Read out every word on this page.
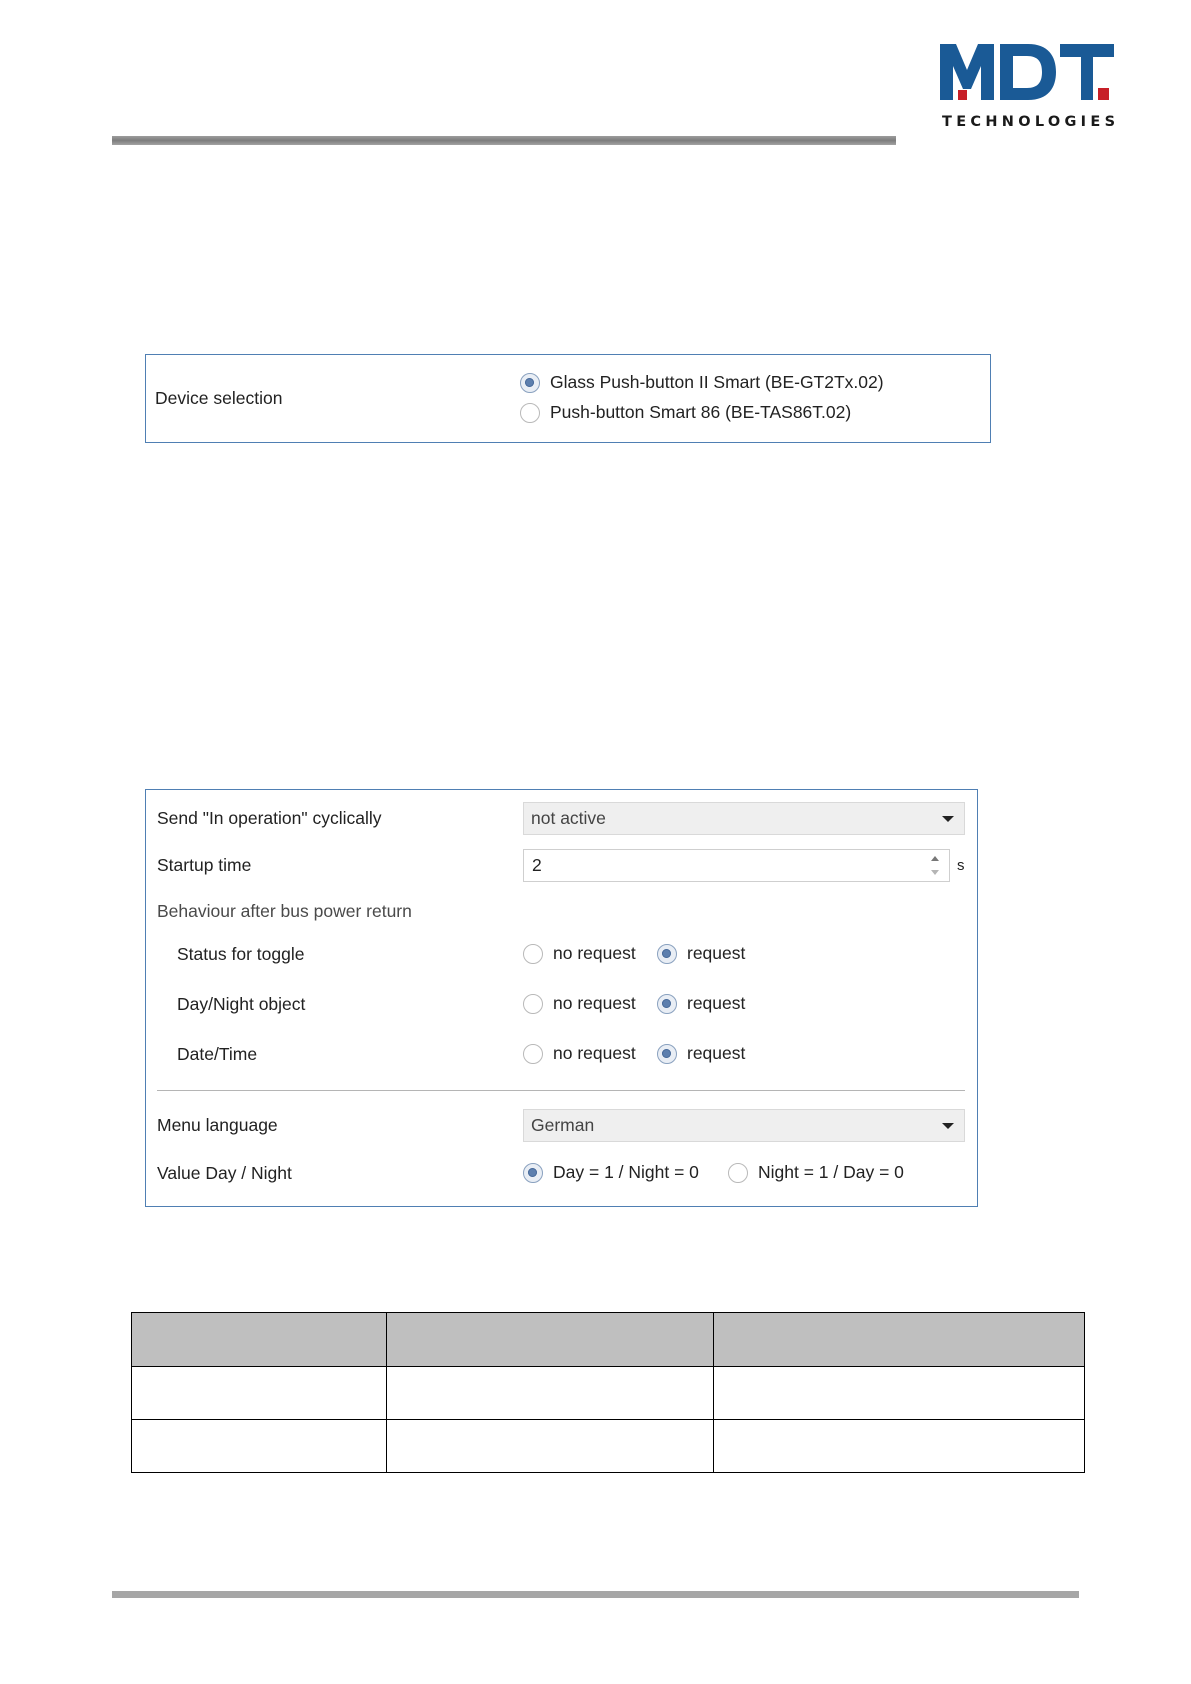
TECHNOLOGIES
Device selection
Glass Push-button II Smart (BE-GT2Tx.02)
Push-button Smart 86 (BE-TAS86T.02)
Send "In operation" cyclically	not active
Startup time	2	s
Behaviour after bus power return
Status for toggle	no request	request
Day/Night object	no request	request
Date/Time	no request	request
Menu language	German
Value Day / Night	Day = 1 / Night = 0	Night = 1 / Day = 0
